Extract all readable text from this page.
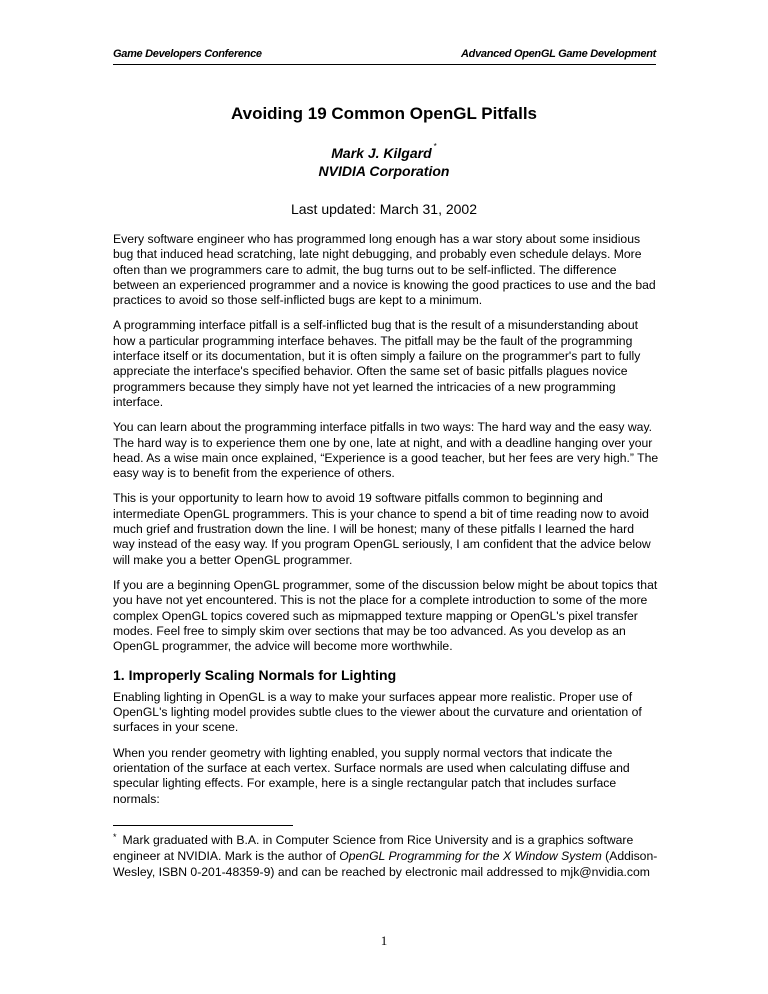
Game Developers Conference	Advanced OpenGL Game Development
Avoiding 19 Common OpenGL Pitfalls
Mark J. Kilgard *
NVIDIA Corporation
Last updated: March 31, 2002

Every software engineer who has programmed long enough has a war story about some insidious bug that induced head scratching, late night debugging, and probably even schedule delays. More often than we programmers care to admit, the bug turns out to be self-inflicted. The difference between an experienced programmer and a novice is knowing the good practices to use and the bad practices to avoid so those self-inflicted bugs are kept to a minimum.

A programming interface pitfall is a self-inflicted bug that is the result of a misunderstanding about how a particular programming interface behaves. The pitfall may be the fault of the programming interface itself or its documentation, but it is often simply a failure on the programmer's part to fully appreciate the interface's specified behavior. Often the same set of basic pitfalls plagues novice programmers because they simply have not yet learned the intricacies of a new programming interface.

You can learn about the programming interface pitfalls in two ways: The hard way and the easy way. The hard way is to experience them one by one, late at night, and with a deadline hanging over your head. As a wise main once explained, “Experience is a good teacher, but her fees are very high.” The easy way is to benefit from the experience of others.

This is your opportunity to learn how to avoid 19 software pitfalls common to beginning and intermediate OpenGL programmers. This is your chance to spend a bit of time reading now to avoid much grief and frustration down the line. I will be honest; many of these pitfalls I learned the hard way instead of the easy way. If you program OpenGL seriously, I am confident that the advice below will make you a better OpenGL programmer.

If you are a beginning OpenGL programmer, some of the discussion below might be about topics that you have not yet encountered. This is not the place for a complete introduction to some of the more complex OpenGL topics covered such as mipmapped texture mapping or OpenGL's pixel transfer modes. Feel free to simply skim over sections that may be too advanced. As you develop as an OpenGL programmer, the advice will become more worthwhile.

1. Improperly Scaling Normals for Lighting

Enabling lighting in OpenGL is a way to make your surfaces appear more realistic. Proper use of OpenGL's lighting model provides subtle clues to the viewer about the curvature and orientation of surfaces in your scene.

When you render geometry with lighting enabled, you supply normal vectors that indicate the orientation of the surface at each vertex. Surface normals are used when calculating diffuse and specular lighting effects. For example, here is a single rectangular patch that includes surface normals:

* Mark graduated with B.A. in Computer Science from Rice University and is a graphics software engineer at NVIDIA. Mark is the author of OpenGL Programming for the X Window System (Addison-Wesley, ISBN 0-201-48359-9) and can be reached by electronic mail addressed to mjk@nvidia.com
1
